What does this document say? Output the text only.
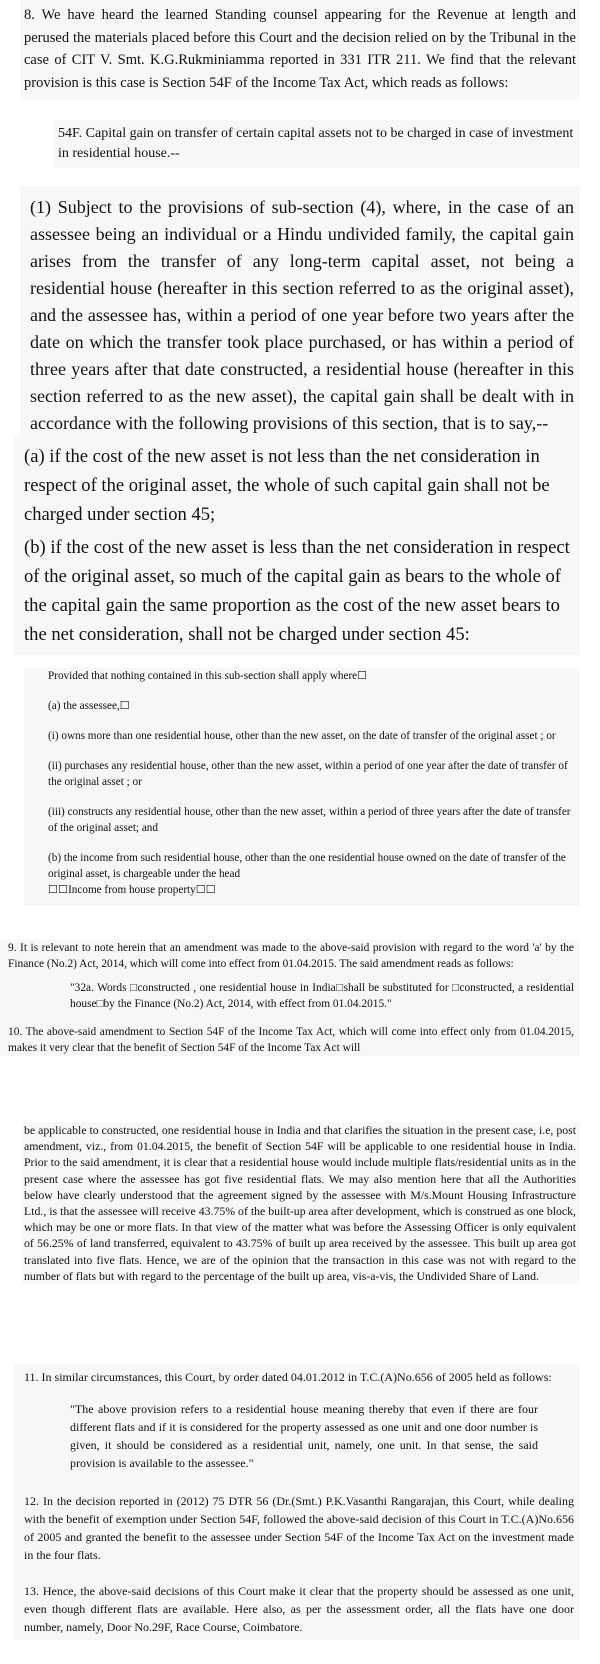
8. We have heard the learned Standing counsel appearing for the Revenue at length and perused the materials placed before this Court and the decision relied on by the Tribunal in the case of CIT V. Smt. K.G.Rukminiamma reported in 331 ITR 211. We find that the relevant provision is this case is Section 54F of the Income Tax Act, which reads as follows:
54F. Capital gain on transfer of certain capital assets not to be charged in case of investment in residential house.--
(1) Subject to the provisions of sub-section (4), where, in the case of an assessee being an individual or a Hindu undivided family, the capital gain arises from the transfer of any long-term capital asset, not being a residential house (hereafter in this section referred to as the original asset), and the assessee has, within a period of one year before two years after the date on which the transfer took place purchased, or has within a period of three years after that date constructed, a residential house (hereafter in this section referred to as the new asset), the capital gain shall be dealt with in accordance with the following provisions of this section, that is to say,--
(a) if the cost of the new asset is not less than the net consideration in respect of the original asset, the whole of such capital gain shall not be charged under section 45;
(b) if the cost of the new asset is less than the net consideration in respect of the original asset, so much of the capital gain as bears to the whole of the capital gain the same proportion as the cost of the new asset bears to the net consideration, shall not be charged under section 45:

Provided that nothing contained in this sub-section shall apply where☐

(a) the assessee,☐

(i) owns more than one residential house, other than the new asset, on the date of transfer of the original asset ; or

(ii) purchases any residential house, other than the new asset, within a period of one year after the date of transfer of the original asset ; or

(iii) constructs any residential house, other than the new asset, within a period of three years after the date of transfer of the original asset; and

(b) the income from such residential house, other than the one residential house owned on the date of transfer of the original asset, is chargeable under the head
☐☐Income from house property☐☐

9. It is relevant to note herein that an amendment was made to the above-said provision with regard to the word 'a' by the Finance (No.2) Act, 2014, which will come into effect from 01.04.2015. The said amendment reads as follows:

"32a. Words □constructed , one residential house in India□shall be substituted for □constructed, a residential house□by the Finance (No.2) Act, 2014, with effect from 01.04.2015."

10. The above-said amendment to Section 54F of the Income Tax Act, which will come into effect only from 01.04.2015, makes it very clear that the benefit of Section 54F of the Income Tax Act will

be applicable to constructed, one residential house in India and that clarifies the situation in the present case, i.e, post amendment, viz., from 01.04.2015, the benefit of Section 54F will be applicable to one residential house in India. Prior to the said amendment, it is clear that a residential house would include multiple flats/residential units as in the present case where the assessee has got five residential flats. We may also mention here that all the Authorities below have clearly understood that the agreement signed by the assessee with M/s.Mount Housing Infrastructure Ltd., is that the assessee will receive 43.75% of the built-up area after development, which is construed as one block, which may be one or more flats. In that view of the matter what was before the Assessing Officer is only equivalent of 56.25% of land transferred, equivalent to 43.75% of built up area received by the assessee. This built up area got translated into five flats. Hence, we are of the opinion that the transaction in this case was not with regard to the number of flats but with regard to the percentage of the built up area, vis-a-vis, the Undivided Share of Land.

11. In similar circumstances, this Court, by order dated 04.01.2012 in T.C.(A)No.656 of 2005 held as follows:

"The above provision refers to a residential house meaning thereby that even if there are four different flats and if it is considered for the property assessed as one unit and one door number is given, it should be considered as a residential unit, namely, one unit. In that sense, the said provision is available to the assessee."

12. In the decision reported in (2012) 75 DTR 56 (Dr.(Smt.) P.K.Vasanthi Rangarajan, this Court, while dealing with the benefit of exemption under Section 54F, followed the above-said decision of this Court in T.C.(A)No.656 of 2005 and granted the benefit to the assessee under Section 54F of the Income Tax Act on the investment made in the four flats.

13. Hence, the above-said decisions of this Court make it clear that the property should be assessed as one unit, even though different flats are available. Here also, as per the assessment order, all the flats have one door number, namely, Door No.29F, Race Course, Coimbatore.
